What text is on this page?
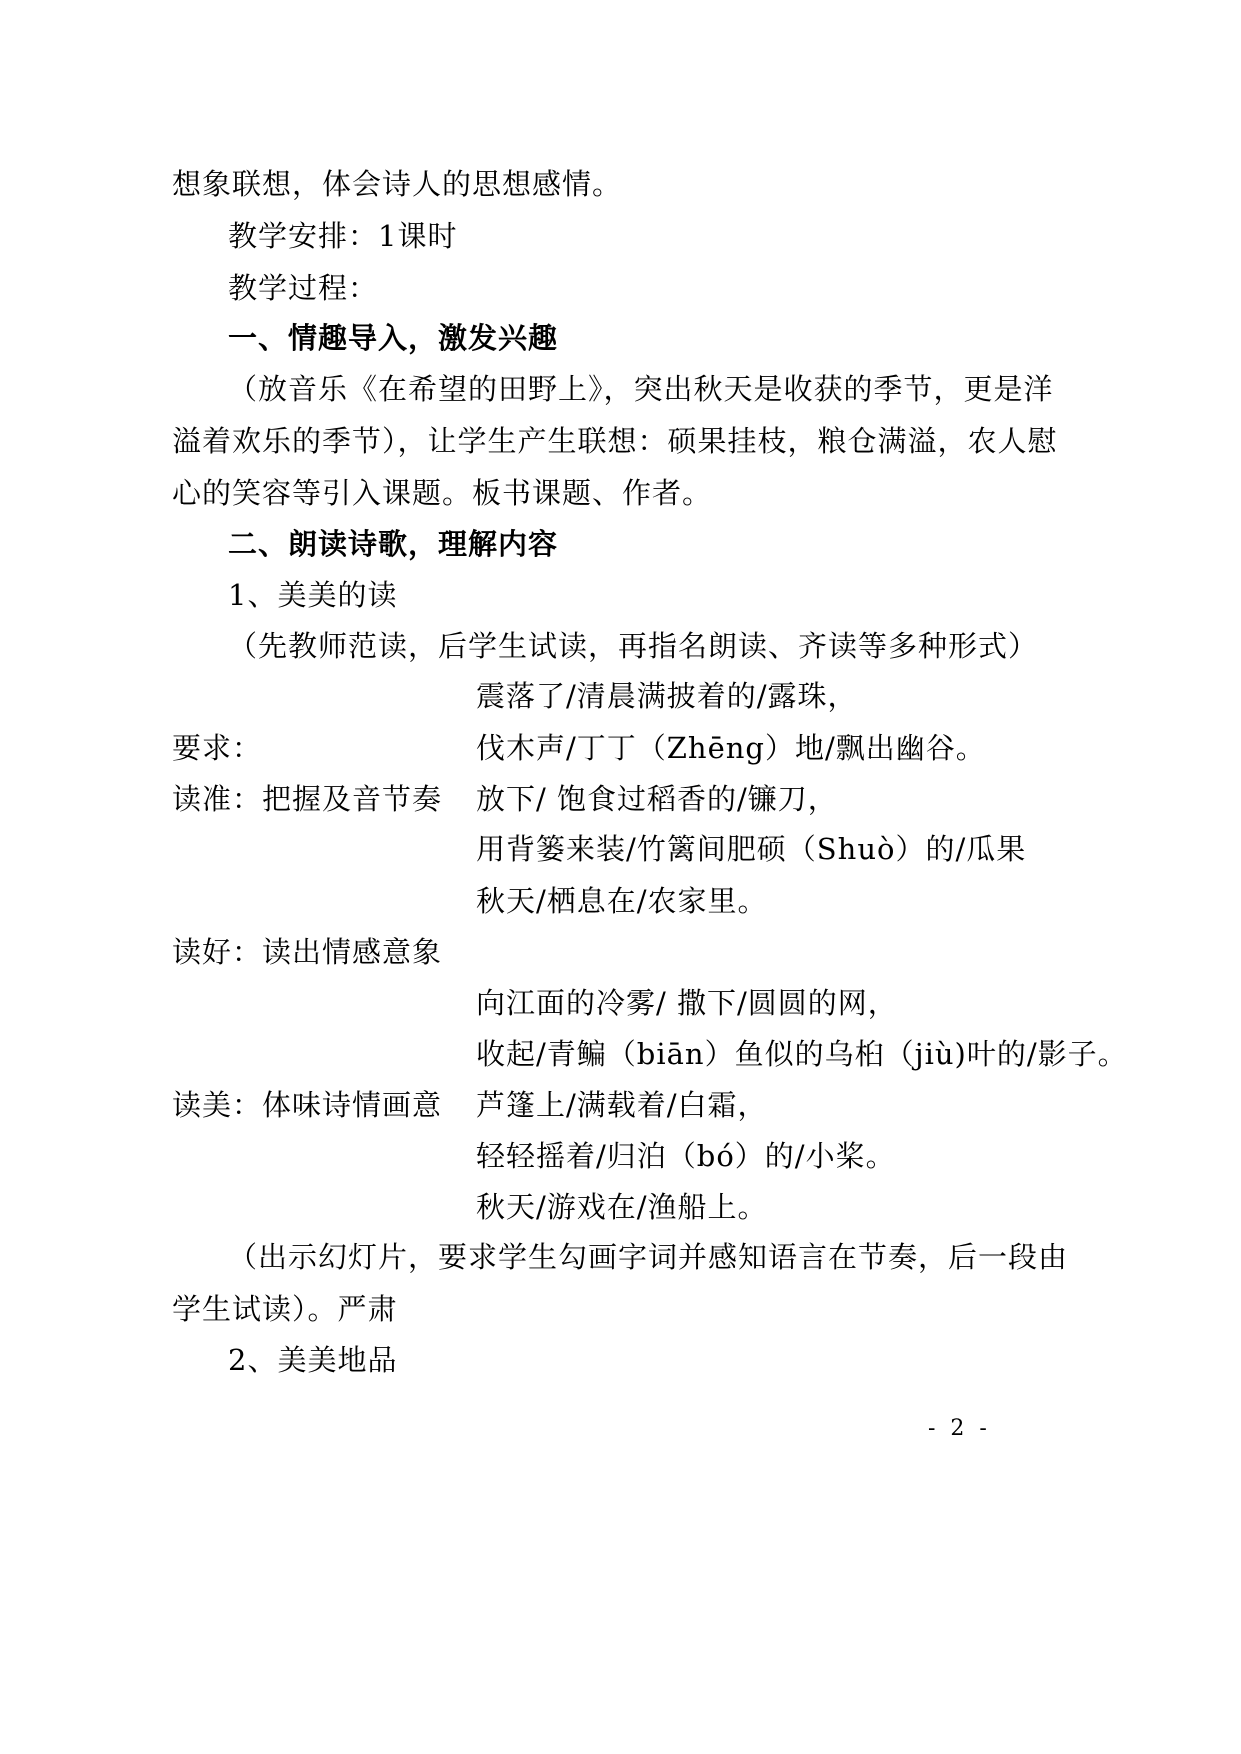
想象联想，体会诗人的思想感情。
教学安排：1课时
教学过程：
一、情趣导入，激发兴趣
（放音乐《在希望的田野上》，突出秋天是收获的季节，更是洋
溢着欢乐的季节），让学生产生联想：硕果挂枝，粮仓满溢，农人慰
心的笑容等引入课题。板书课题、作者。
二、朗读诗歌，理解内容
1、美美的读
（先教师范读，后学生试读，再指名朗读、齐读等多种形式）
要求：
读准：把握及音节奏
读好：读出情感意象
读美：体味诗情画意
震落了/清晨满披着的/露珠，
伐木声/丁丁（Zhēng）地/飘出幽谷。
放下/ 饱食过稻香的/镰刀，
用背篓来装/竹篱间肥硕（Shuò）的/瓜果
秋天/栖息在/农家里。
向江面的冷雾/ 撒下/圆圆的网，
收起/青鳊（biān）鱼似的乌桕（jiù)叶的/影子。
芦篷上/满载着/白霜，
轻轻摇着/归泊（bó）的/小桨。
秋天/游戏在/渔船上。
（出示幻灯片，要求学生勾画字词并感知语言在节奏，后一段由
学生试读）。严肃
2、美美地品
- 2 -
